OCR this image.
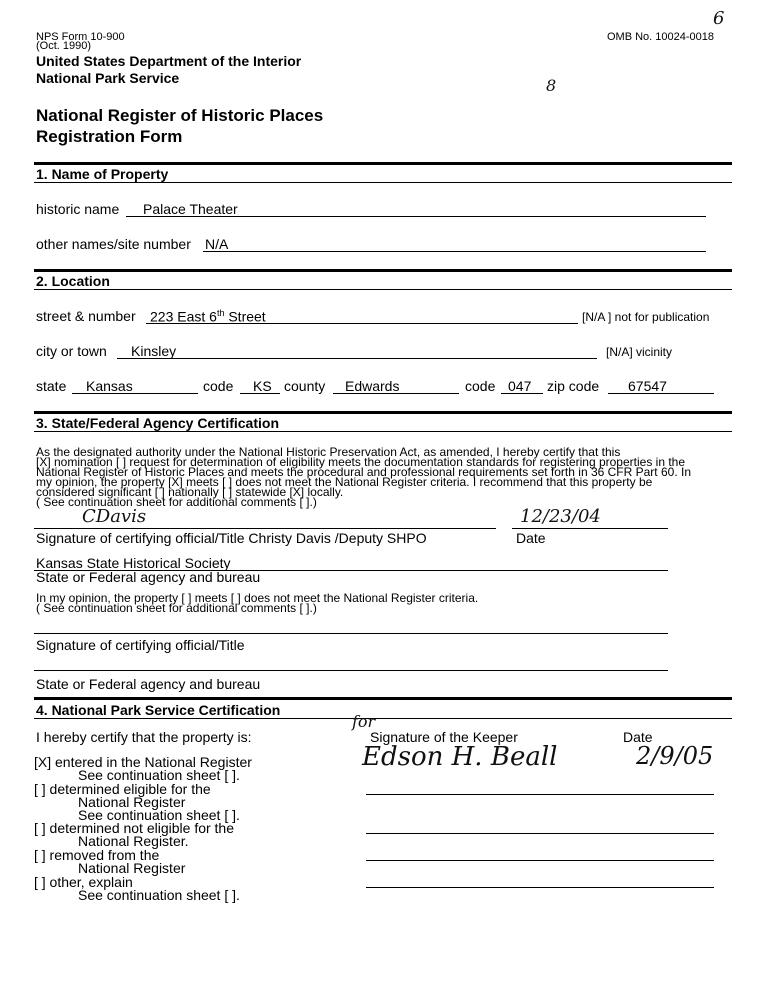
NPS Form 10-900
(Oct. 1990)
OMB No. 10024-0018
6
8
United States Department of the Interior
National Park Service
National Register of Historic Places
Registration Form
1. Name of Property
historic name Palace Theater
other names/site number N/A
2. Location
street & number 223 East 6th Street	[N/A ] not for publication
city or town Kinsley	[N/A] vicinity
state Kansas	code KS county Edwards	code 047 zip code 67547
3. State/Federal Agency Certification
As the designated authority under the National Historic Preservation Act, as amended, I hereby certify that this
[X] nomination [ ] request for determination of eligibility meets the documentation standards for registering properties in the
National Register of Historic Places and meets the procedural and professional requirements set forth in 36 CFR Part 60. In
my opinion, the property [X] meets [ ] does not meet the National Register criteria. I recommend that this property be
considered significant [ ] nationally [ ] statewide [X] locally.
( See continuation sheet for additional comments [ ].)
CDavis	12/23/04
Signature of certifying official/Title Christy Davis /Deputy SHPO	Date
Kansas State Historical Society
State or Federal agency and bureau
In my opinion, the property [ ] meets [ ] does not meet the National Register criteria.
( See continuation sheet for additional comments [ ].)
Signature of certifying official/Title
State or Federal agency and bureau
4. National Park Service Certification
I hereby certify that the property is:	Signature of the Keeper	Date
for
Edson H. Beall	2/9/05
[X] entered in the National Register
See continuation sheet [ ].
[ ] determined eligible for the
National Register
See continuation sheet [ ].
[ ] determined not eligible for the
National Register.
[ ] removed from the
National Register
[ ] other, explain
See continuation sheet [ ].
